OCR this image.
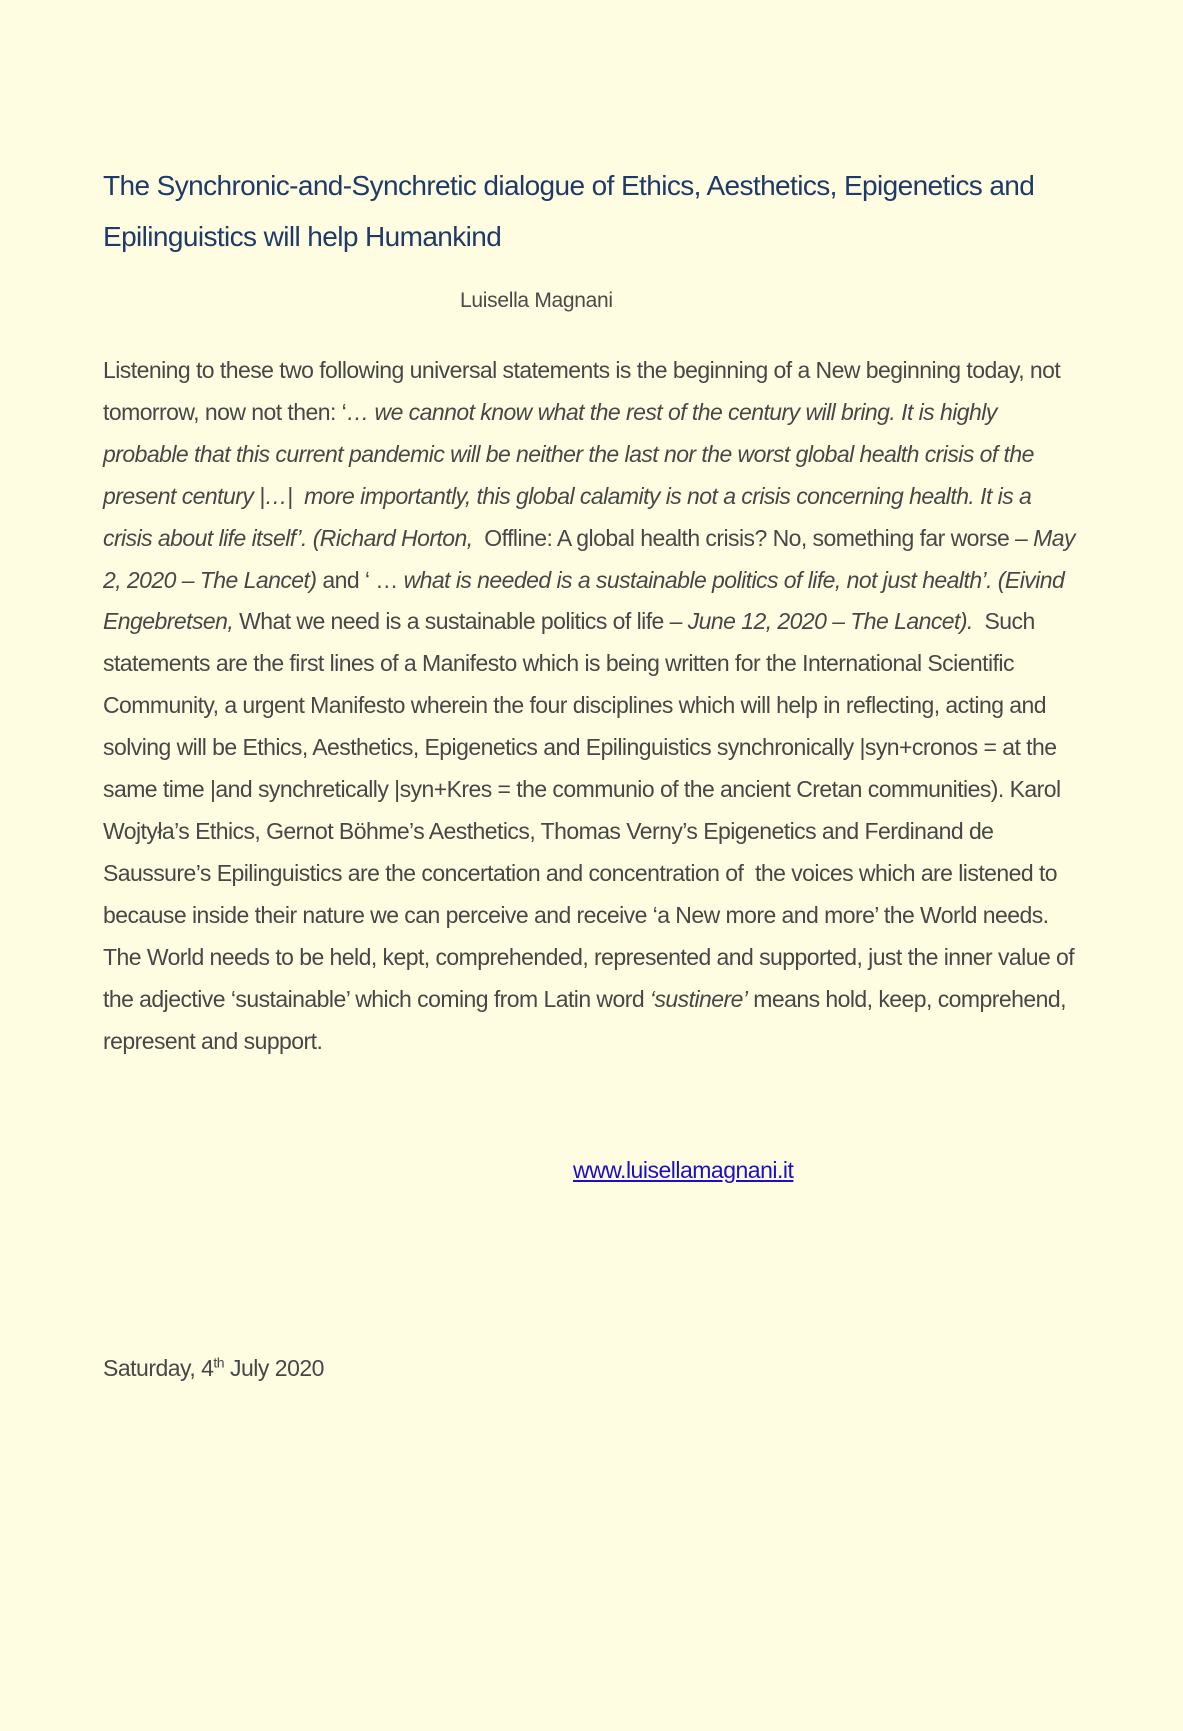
The Synchronic-and-Synchretic dialogue of Ethics, Aesthetics, Epigenetics and
Epilinguistics will help Humankind
Luisella Magnani

Listening to these two following universal statements is the beginning of a New beginning today, not
tomorrow, now not then: ‘… we cannot know what the rest of the century will bring. It is highly
probable that this current pandemic will be neither the last nor the worst global health crisis of the
present century |…|  more importantly, this global calamity is not a crisis concerning health. It is a
crisis about life itself’. (Richard Horton,  Offline: A global health crisis? No, something far worse – May
2, 2020 – The Lancet) and ‘ … what is needed is a sustainable politics of life, not just health’. (Eivind
Engebretsen, What we need is a sustainable politics of life – June 12, 2020 – The Lancet).  Such
statements are the first lines of a Manifesto which is being written for the International Scientific
Community, a urgent Manifesto wherein the four disciplines which will help in reflecting, acting and
solving will be Ethics, Aesthetics, Epigenetics and Epilinguistics synchronically |syn+cronos = at the
same time |and synchretically |syn+Kres = the communio of the ancient Cretan communities). Karol
Wojtyła’s Ethics, Gernot Böhme’s Aesthetics, Thomas Verny’s Epigenetics and Ferdinand de
Saussure’s Epilinguistics are the concertation and concentration of  the voices which are listened to
because inside their nature we can perceive and receive ‘a New more and more’ the World needs.
The World needs to be held, kept, comprehended, represented and supported, just the inner value of
the adjective ‘sustainable’ which coming from Latin word ‘sustinere’ means hold, keep, comprehend,
represent and support.

www.luisellamagnani.it
Saturday, 4th July 2020
